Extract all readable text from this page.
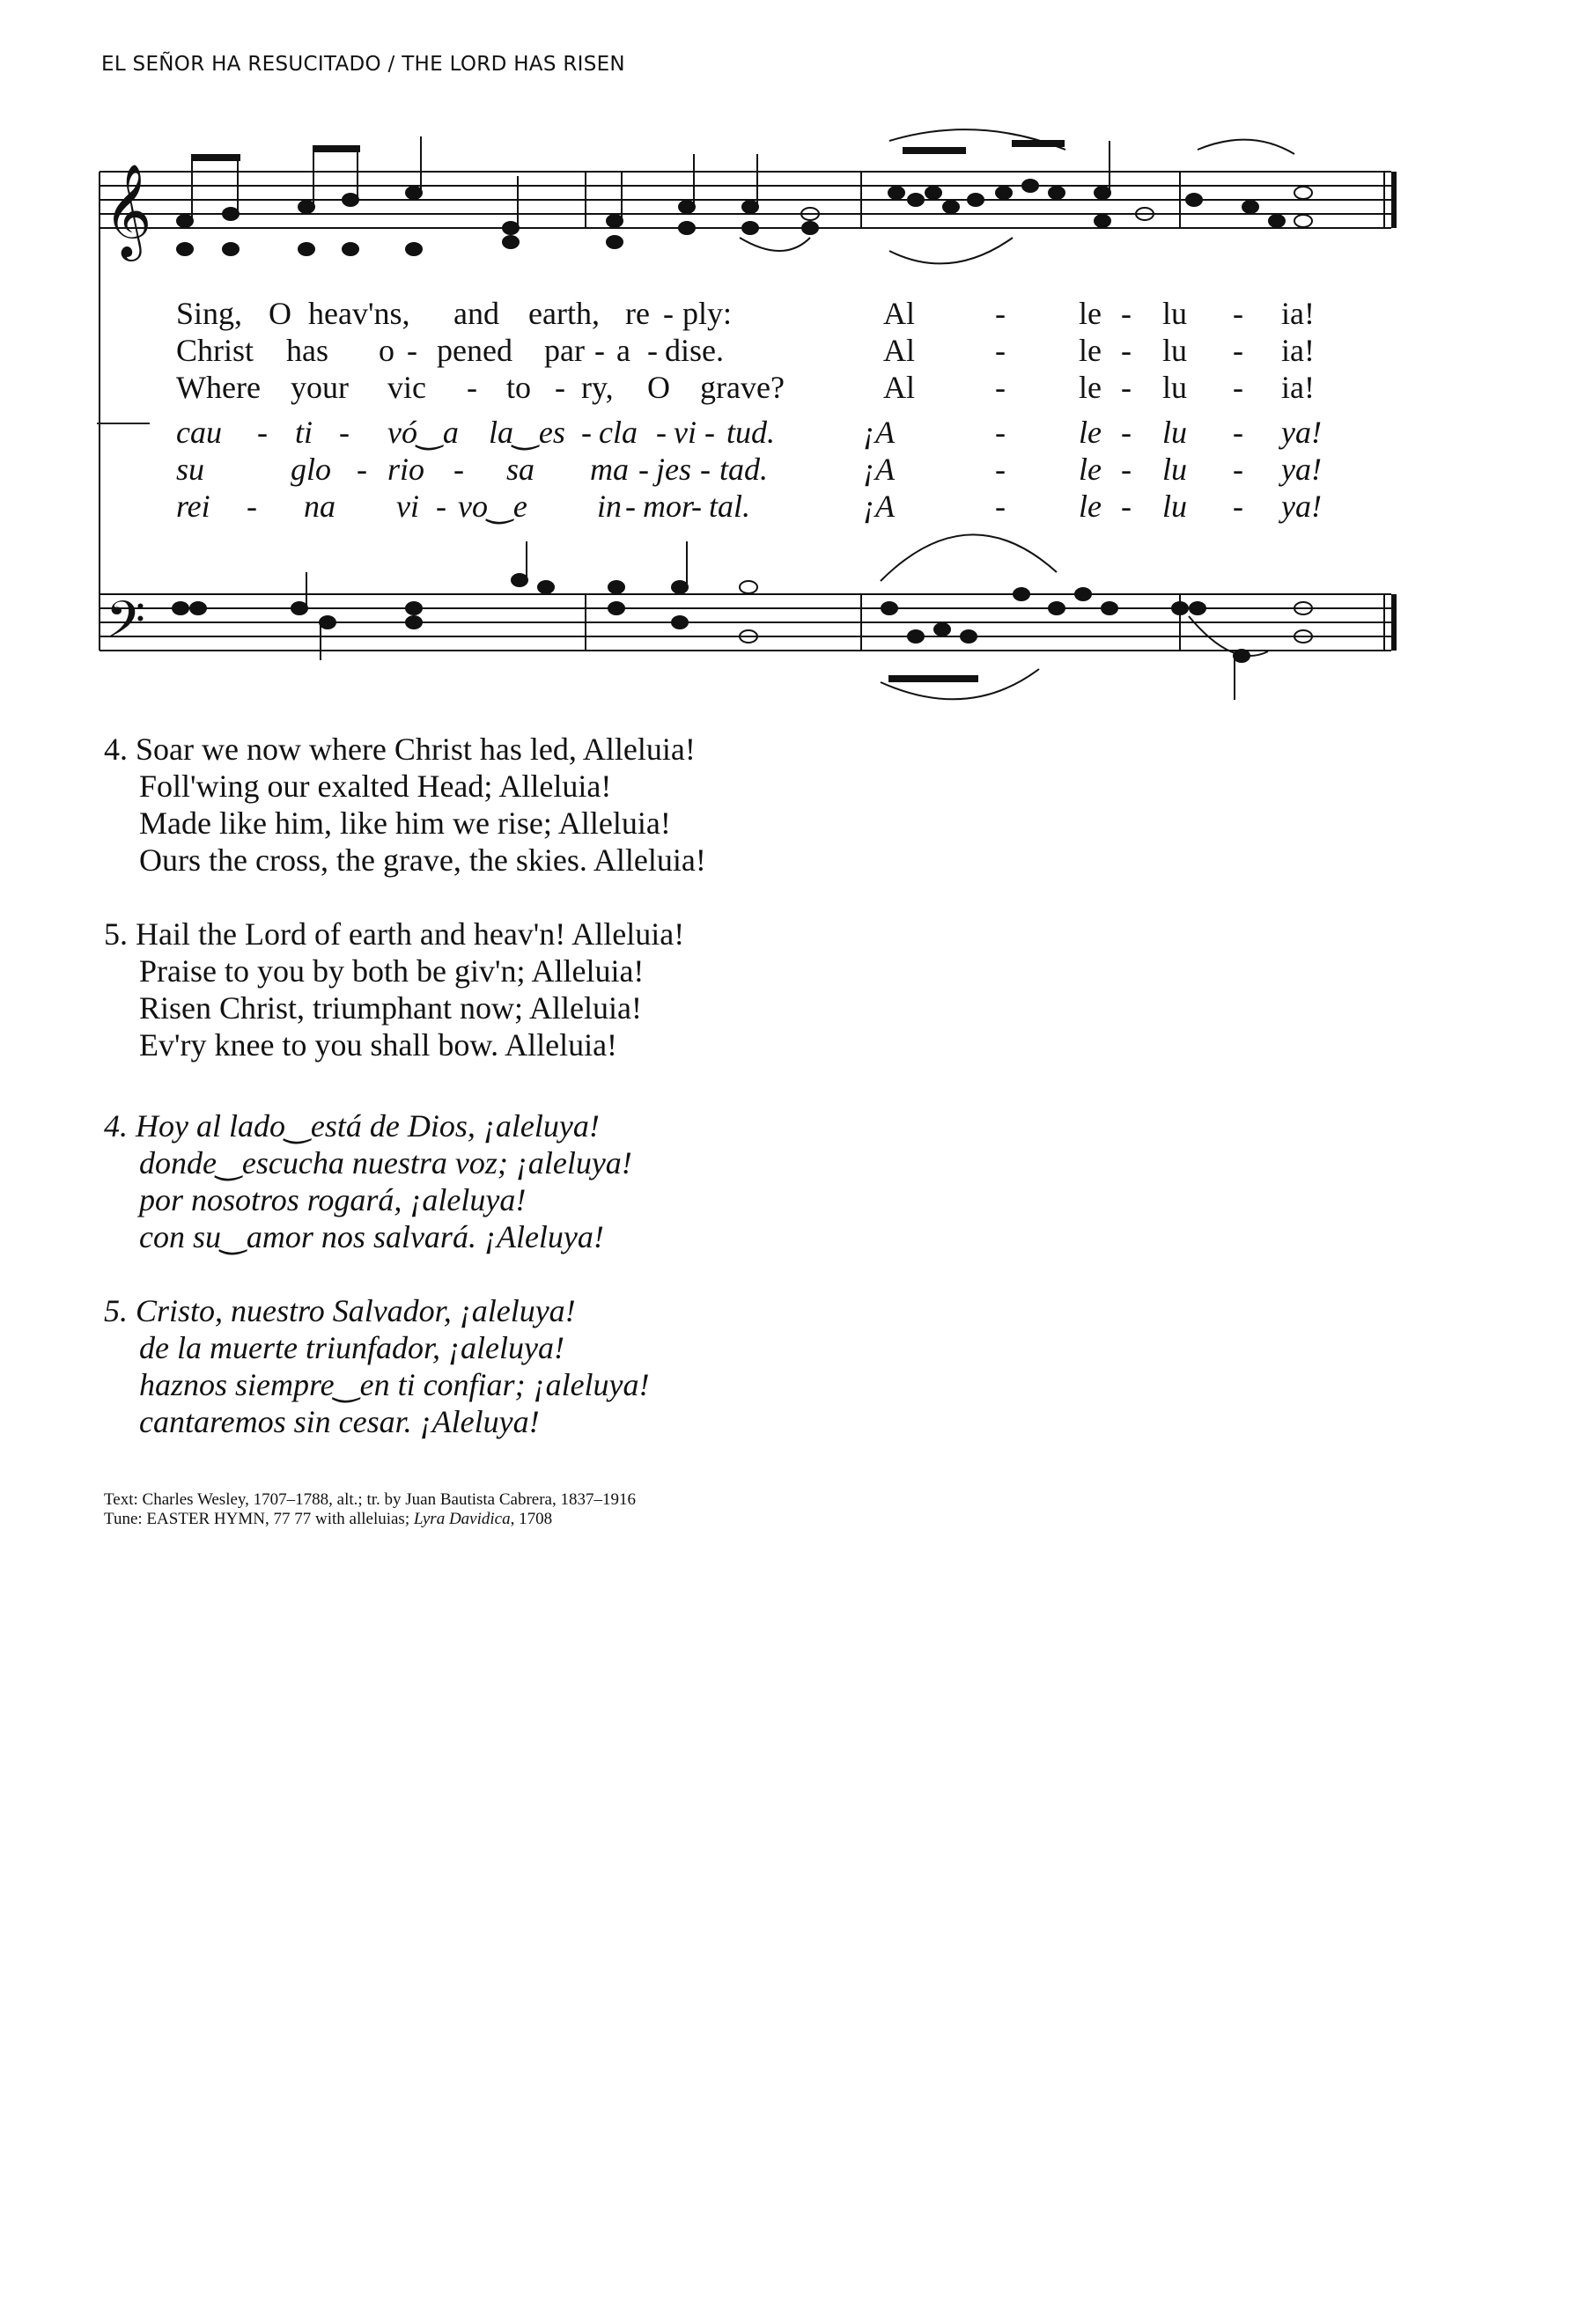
EL SEÑOR HA RESUCITADO / THE LORD HAS RISEN
𝄞
𝄢
Sing, O heav'ns, and earth, re - ply:	Al	- le - lu - ia!
Christ has o - pened par - a - dise.	Al	- le - lu - ia!
Where your vic - to - ry, O grave?	Al	- le - lu - ia!
cau - ti - vó‿a la‿es - cla - vi - tud.	¡A	- le - lu - ya!
su	glo - rio - sa ma - jes - tad.	¡A	- le - lu - ya!
rei - na vi - vo‿e in - mor
- tal.	¡A	- le - lu - ya!
4. Soar we now where Christ has led, Alleluia!
Foll'wing our exalted Head; Alleluia!
Made like him, like him we rise; Alleluia!
Ours the cross, the grave, the skies. Alleluia!
5. Hail the Lord of earth and heav'n! Alleluia!
Praise to you by both be giv'n; Alleluia!
Risen Christ, triumphant now; Alleluia!
Ev'ry knee to you shall bow. Alleluia!
4. Hoy al lado‿está de Dios, ¡aleluya!
donde‿escucha nuestra voz; ¡aleluya!
por nosotros rogará, ¡aleluya!
con su‿amor nos salvará. ¡Aleluya!
5. Cristo, nuestro Salvador, ¡aleluya!
de la muerte triunfador, ¡aleluya!
haznos siempre‿en ti confiar; ¡aleluya!
cantaremos sin cesar. ¡Aleluya!
Text: Charles Wesley, 1707–1788, alt.; tr. by Juan Bautista Cabrera, 1837–1916
Tune: EASTER HYMN, 77 77 with alleluias; Lyra Davidica, 1708
